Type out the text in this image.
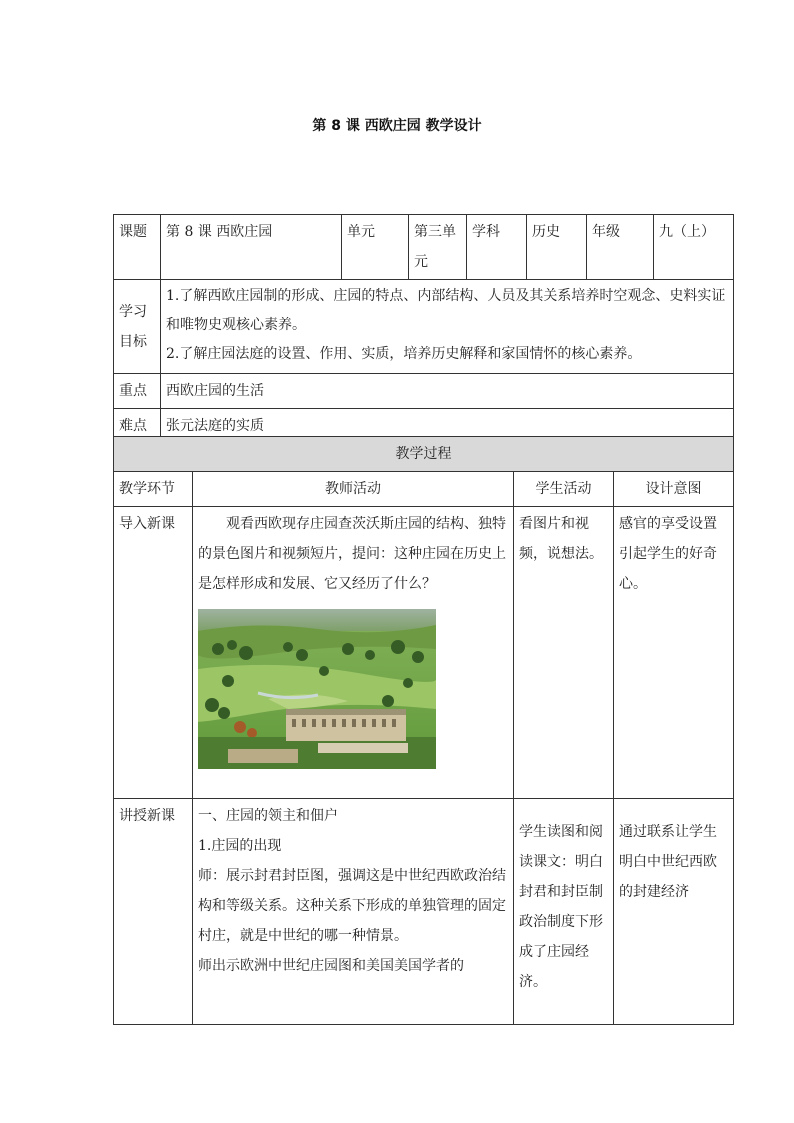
第 8 课 西欧庄园 教学设计
课题	第 8 课 西欧庄园	单元	第三单元	学科	历史	年级	九（上）
学习目标	1.了解西欧庄园制的形成、庄园的特点、内部结构、人员及其关系培养时空观念、史料实证和唯物史观核心素养。

2.了解庄园法庭的设置、作用、实质，培养历史解释和家国情怀的核心素养。						

重点	西欧庄园的生活						
难点	张元法庭的实质						
教学过程			
教学环节	教师活动	学生活动	设计意图
导入新课	观看西欧现存庄园查茨沃斯庄园的结构、独特的景色图片和视频短片，提问：这种庄园在历史上是怎样形成和发展、它又经历了什么？	看图片和视频，说想法。	感官的享受设置引起学生的好奇心。
讲授新课	一、庄园的领主和佃户

1.庄园的出现

师：展示封君封臣图，强调这是中世纪西欧政治结构和等级关系。这种关系下形成的单独管理的固定村庄，就是中世纪的哪一种情景。

师出示欧洲中世纪庄园图和美国美国学者的	学生读图和阅读课文：明白封君和封臣制政治制度下形成了庄园经济。	通过联系让学生明白中世纪西欧的封建经济
